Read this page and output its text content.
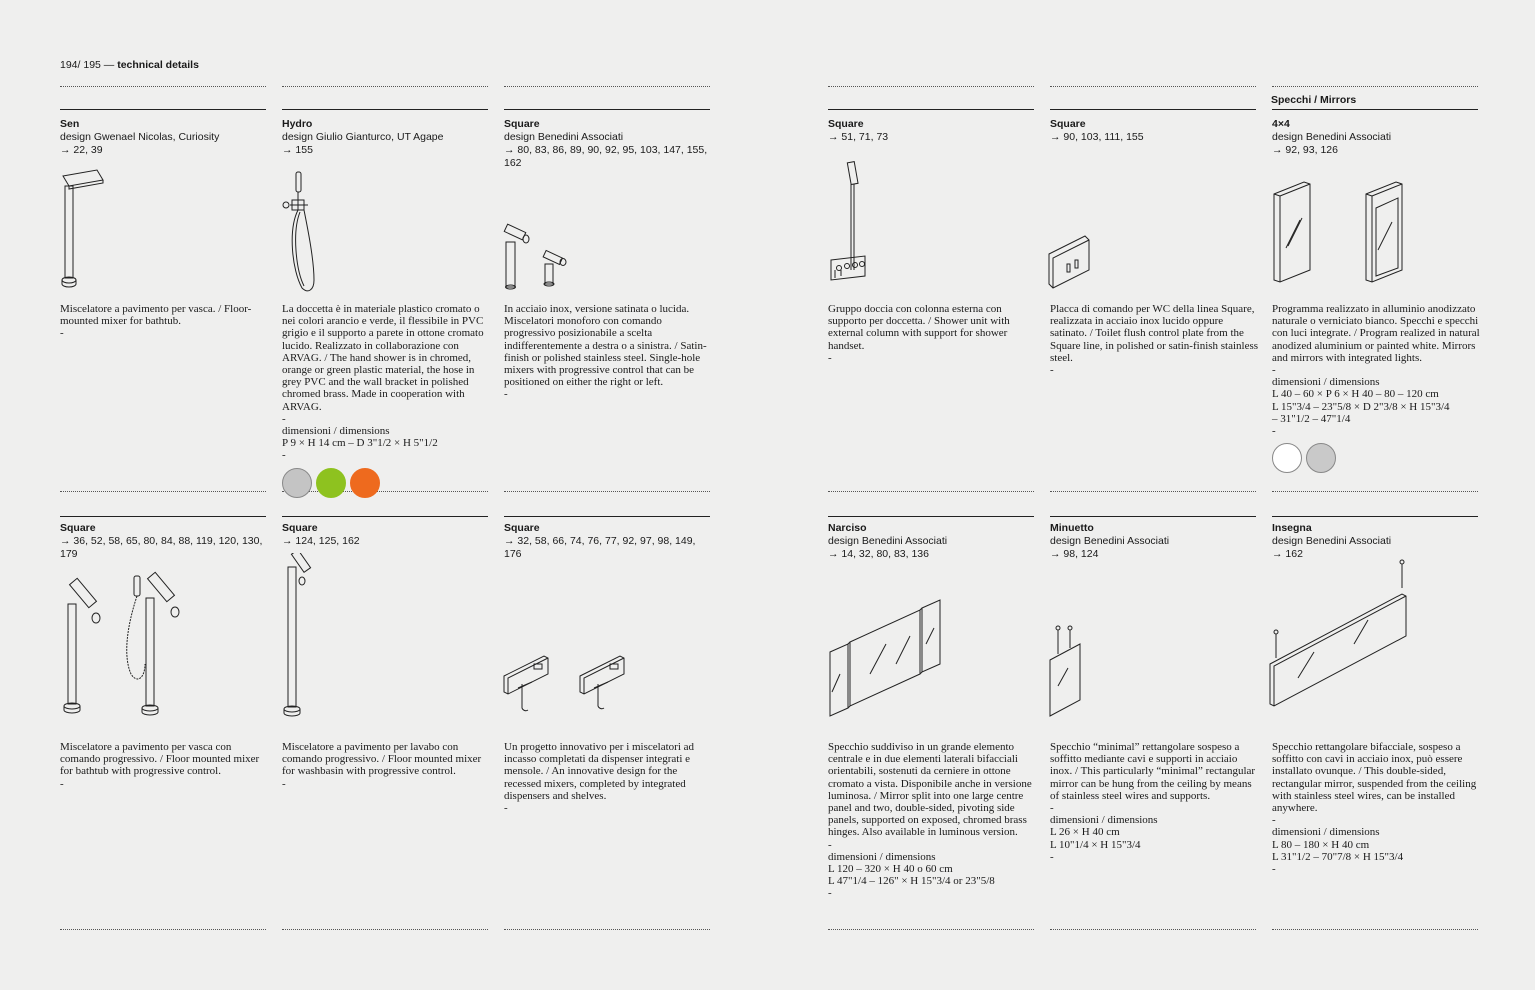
194/ 195 — technical details
Specchi / Mirrors
Sen
design Gwenael Nicolas, Curiosity
→ 22, 39
Miscelatore a pavimento per vasca. / Floor-mounted mixer for bathtub.
-
Hydro
design Giulio Gianturco, UT Agape
→ 155
La doccetta è in materiale plastico cromato o nei colori arancio e verde, il flessibile in PVC grigio e il supporto a parete in ottone cromato lucido. Realizzato in collaborazione con ARVAG. / The hand shower is in chromed, orange or green plastic material, the hose in grey PVC and the wall bracket in polished chromed brass. Made in cooperation with ARVAG.
-
dimensioni / dimensions
P 9 × H 14 cm – D 3"1/2 × H 5"1/2
-
Square
design Benedini Associati
→ 80, 83, 86, 89, 90, 92, 95, 103, 147, 155, 162
In acciaio inox, versione satinata o lucida. Miscelatori monoforo con comando progressivo posizionabile a scelta indifferentemente a destra o a sinistra. / Satin-finish or polished stainless steel. Single-hole mixers with progressive control that can be positioned on either the right or left.
-
Square
→ 51, 71, 73
Gruppo doccia con colonna esterna con supporto per doccetta. / Shower unit with external column with support for shower handset.
-
Square
→ 90, 103, 111, 155
Placca di comando per WC della linea Square, realizzata in acciaio inox lucido oppure satinato. / Toilet flush control plate from the Square line, in polished or satin-finish stainless steel.
-
4×4
design Benedini Associati
→ 92, 93, 126
Programma realizzato in alluminio anodizzato naturale o verniciato bianco. Specchi e specchi con luci integrate. / Program realized in natural anodized aluminium or painted white. Mirrors and mirrors with integrated lights.
-
dimensioni / dimensions
L 40 – 60 × P 6 × H 40 – 80 – 120 cm
L 15"3/4 – 23"5/8 × D 2"3/8 × H 15"3/4
– 31"1/2 – 47"1/4
-
Square
→ 36, 52, 58, 65, 80, 84, 88, 119, 120, 130, 179
Miscelatore a pavimento per vasca con comando progressivo. / Floor mounted mixer for bathtub with progressive control.
-
Square
→ 124, 125, 162
Miscelatore a pavimento per lavabo con comando progressivo. / Floor mounted mixer for washbasin with progressive control.
-
Square
→ 32, 58, 66, 74, 76, 77, 92, 97, 98, 149, 176
Un progetto innovativo per i miscelatori ad incasso completati da dispenser integrati e mensole. / An innovative design for the recessed mixers, completed by integrated dispensers and shelves.
-
Narciso
design Benedini Associati
→ 14, 32, 80, 83, 136
Specchio suddiviso in un grande elemento centrale e in due elementi laterali bifacciali orientabili, sostenuti da cerniere in ottone cromato a vista. Disponibile anche in versione luminosa. / Mirror split into one large centre panel and two, double-sided, pivoting side panels, supported on exposed, chromed brass hinges. Also available in luminous version.
-
dimensioni / dimensions
L 120 – 320 × H 40 o 60 cm
L 47"1/4 – 126" × H 15"3/4 or 23"5/8
-
Minuetto
design Benedini Associati
→ 98, 124
Specchio “minimal” rettangolare sospeso a soffitto mediante cavi e supporti in acciaio inox. / This particularly “minimal” rectangular mirror can be hung from the ceiling by means of stainless steel wires and supports.
-
dimensioni / dimensions
L 26 × H 40 cm
L 10"1/4 × H 15"3/4
-
Insegna
design Benedini Associati
→ 162
Specchio rettangolare bifacciale, sospeso a soffitto con cavi in acciaio inox, può essere installato ovunque. / This double-sided, rectangular mirror, suspended from the ceiling with stainless steel wires, can be installed anywhere.
-
dimensioni / dimensions
L 80 – 180 × H 40 cm
L 31"1/2 – 70"7/8 × H 15"3/4
-
